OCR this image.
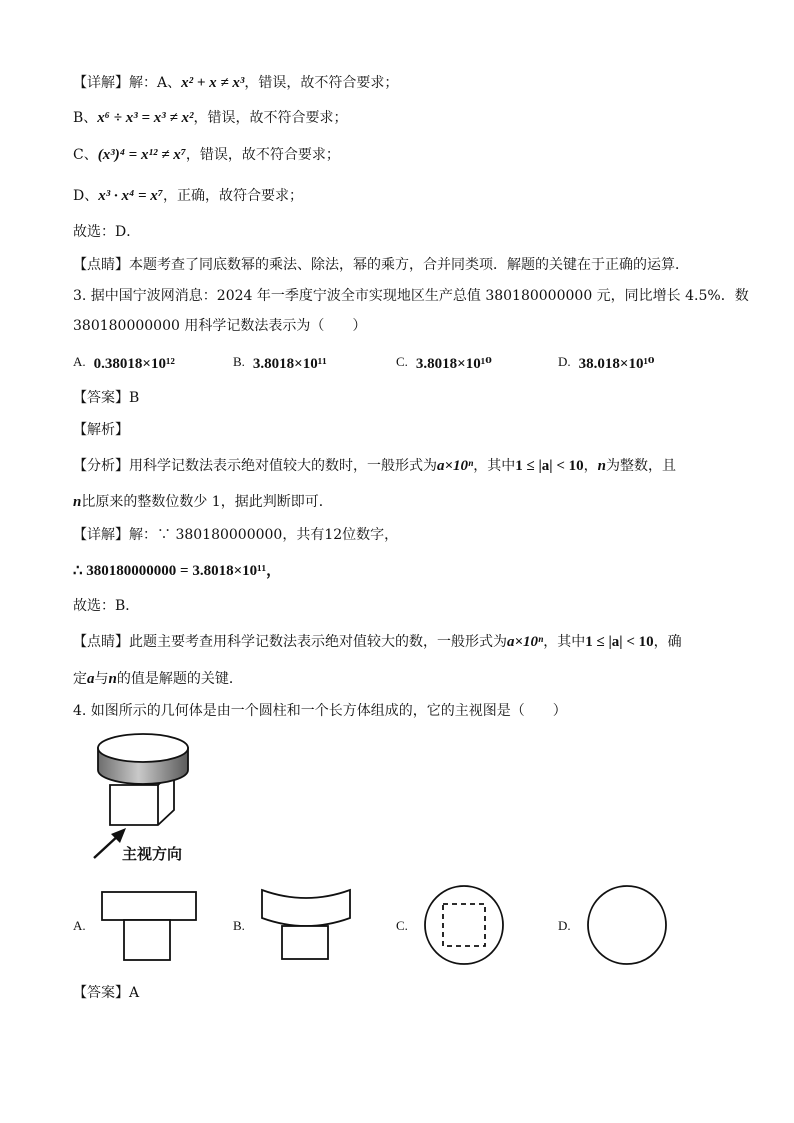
【详解】解：A、x² + x ≠ x³，错误，故不符合要求；
B、x⁶ ÷ x³ = x³ ≠ x²，错误，故不符合要求；
C、(x³)⁴ = x¹² ≠ x⁷，错误，故不符合要求；
D、x³ · x⁴ = x⁷，正确，故符合要求；
故选：D．
【点睛】本题考查了同底数幂的乘法、除法，幂的乘方，合并同类项．解题的关键在于正确的运算．
3. 据中国宁波网消息：2024 年一季度宁波全市实现地区生产总值 380180000000 元，同比增长 4.5%．数
380180000000 用科学记数法表示为（　　）
A. 0.38018×10¹²	B. 3.8018×10¹¹	C. 3.8018×10¹⁰	D. 38.018×10¹⁰
【答案】B
【解析】
【分析】用科学记数法表示绝对值较大的数时，一般形式为a×10ⁿ，其中1 ≤ |a| < 10，n为整数，且
n比原来的整数位数少 1，据此判断即可．
【详解】解：∵ 380180000000，共有12位数字，
∴ 380180000000 = 3.8018×10¹¹，
故选：B．
【点睛】此题主要考查用科学记数法表示绝对值较大的数，一般形式为a×10ⁿ，其中1 ≤ |a| < 10，确
定a与n的值是解题的关键．
4. 如图所示的几何体是由一个圆柱和一个长方体组成的，它的主视图是（　　）
主视方向
A.	B.	C.	D.
【答案】A
